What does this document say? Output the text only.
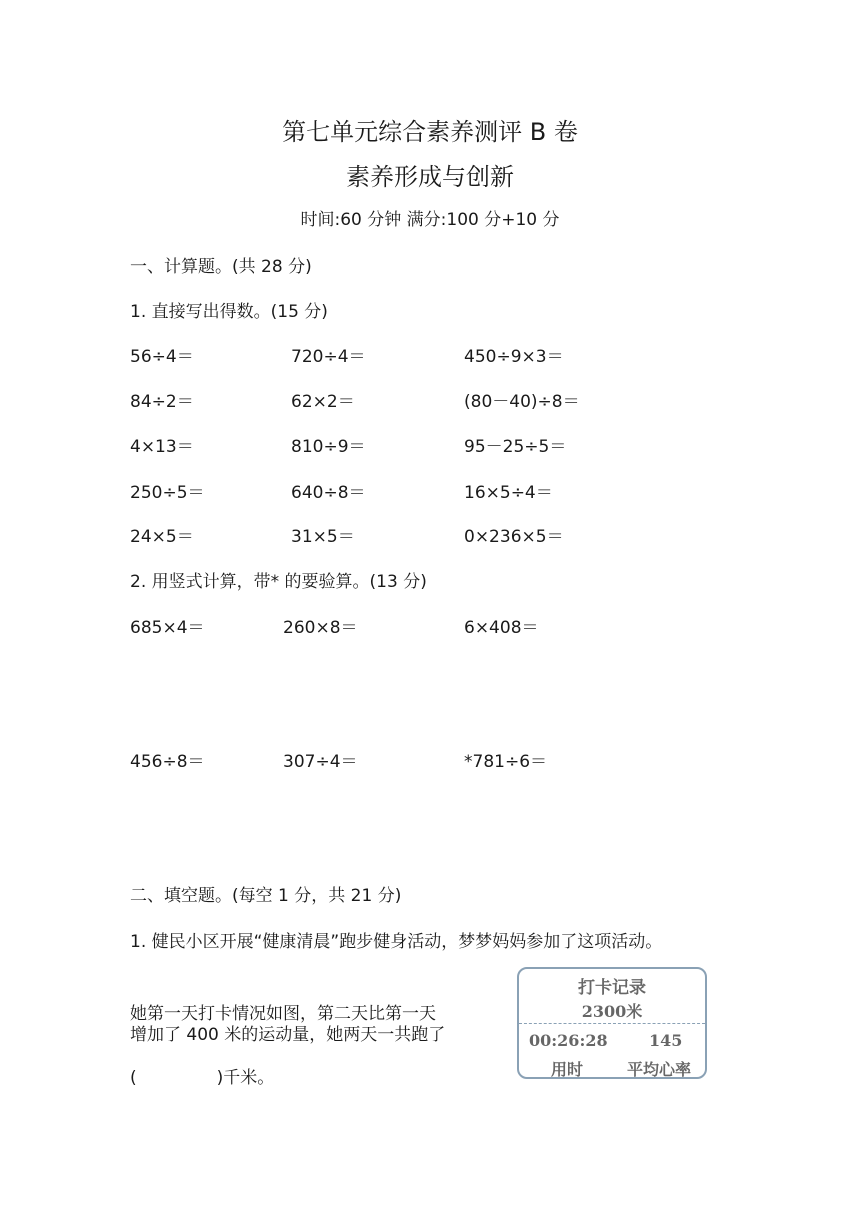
第七单元综合素养测评 B 卷
素养形成与创新
时间:60 分钟 满分:100 分+10 分
一、计算题。(共 28 分)
1. 直接写出得数。(15 分)
56÷4＝	720÷4＝	450÷9×3＝
84÷2＝	62×2＝	(80－40)÷8＝
4×13＝	810÷9＝	95－25÷5＝
250÷5＝	640÷8＝	16×5÷4＝
24×5＝	31×5＝	0×236×5＝
2. 用竖式计算，带* 的要验算。(13 分)
685×4＝	260×8＝	6×408＝
456÷8＝	307÷4＝	*781÷6＝
二、填空题。(每空 1 分，共 21 分)
1. 健民小区开展“健康清晨”跑步健身活动，梦梦妈妈参加了这项活动。
她第一天打卡情况如图，第二天比第一天
增加了 400 米的运动量，她两天一共跑了
(	)千米。
打卡记录
2300米
00:26:28	145
用时	平均心率
